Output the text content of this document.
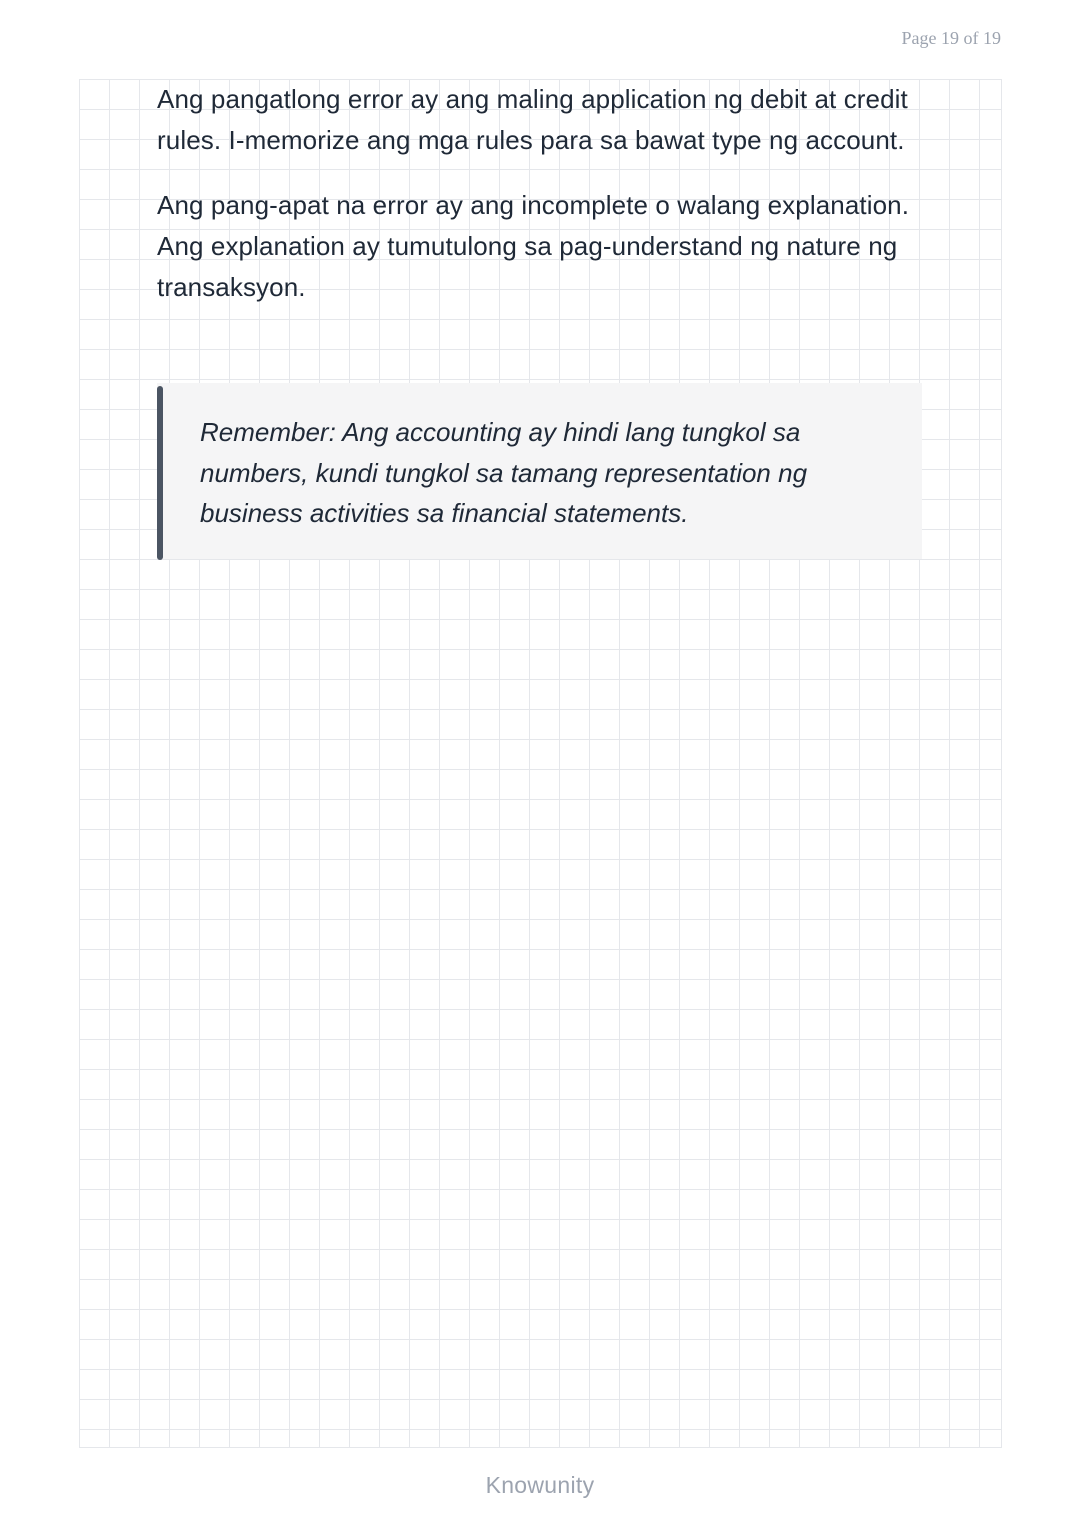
Page 19 of 19

Ang pangatlong error ay ang maling application ng debit at credit rules. I-memorize ang mga rules para sa bawat type ng account.

Ang pang-apat na error ay ang incomplete o walang explanation. Ang explanation ay tumutulong sa pag-understand ng nature ng transaksyon.

Remember: Ang accounting ay hindi lang tungkol sa numbers, kundi tungkol sa tamang representation ng business activities sa financial statements.

Knowunity
